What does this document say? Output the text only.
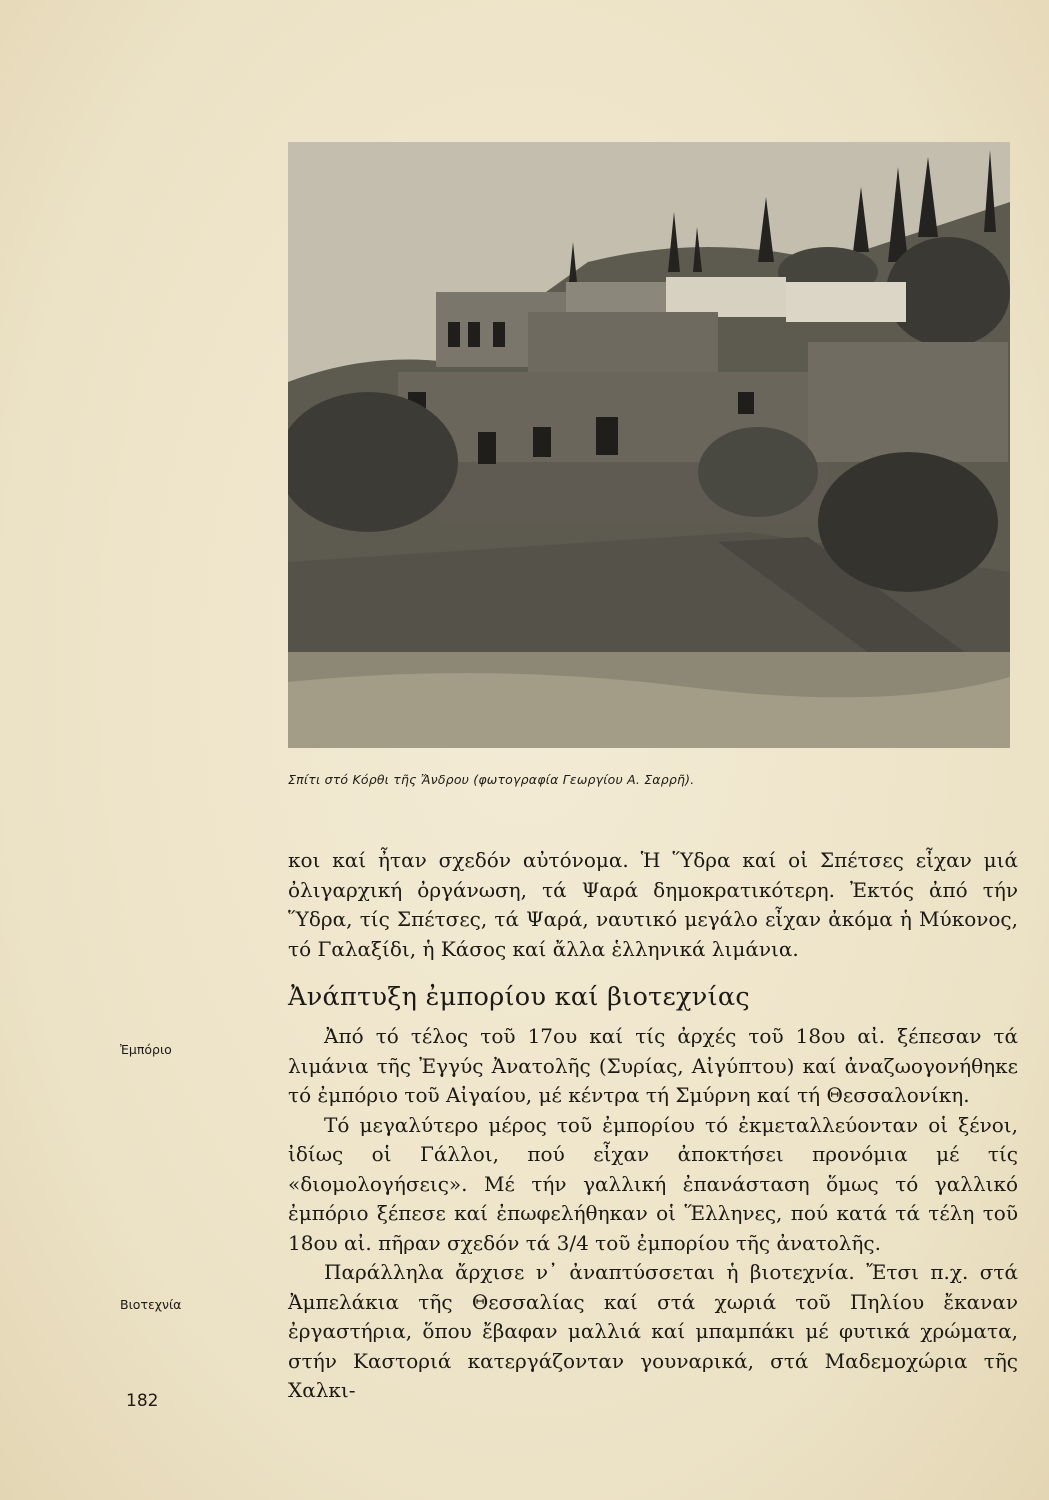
Σπίτι στό Κόρθι τῆς Ἄνδρου (φωτογραφία Γεωργίου Α. Σαρρῆ).

κοι καί ἦταν σχεδόν αὐτόνομα. Ἡ Ὕδρα καί οἱ Σπέτσες εἶχαν μιά ὀλιγαρχική ὀργάνωση, τά Ψαρά δημοκρατικότερη. Ἐκτός ἀπό τήν Ὕδρα, τίς Σπέτσες, τά Ψαρά, ναυτικό μεγάλο εἶχαν ἀκόμα ἡ Μύκονος, τό Γαλαξίδι, ἡ Κάσος καί ἄλλα ἑλληνικά λιμάνια.

Ἀνάπτυξη ἐμπορίου καί βιοτεχνίας

Ἀπό τό τέλος τοῦ 17ου καί τίς ἀρχές τοῦ 18ου αἰ. ξέπεσαν τά λιμάνια τῆς Ἐγγύς Ἀνατολῆς (Συρίας, Αἰγύπτου) καί ἀναζωογονήθηκε τό ἐμπόριο τοῦ Αἰγαίου, μέ κέντρα τή Σμύρνη καί τή Θεσσαλονίκη.

Τό μεγαλύτερο μέρος τοῦ ἐμπορίου τό ἐκμεταλλεύονταν οἱ ξένοι, ἰδίως οἱ Γάλλοι, πού εἶχαν ἀποκτήσει προνόμια μέ τίς «διομολογήσεις». Μέ τήν γαλλική ἐπανάσταση ὅμως τό γαλλικό ἐμπόριο ξέπεσε καί ἐπωφελήθηκαν οἱ Ἕλληνες, πού κατά τά τέλη τοῦ 18ου αἰ. πῆραν σχεδόν τά 3/4 τοῦ ἐμπορίου τῆς ἀνατολῆς.

Παράλληλα ἄρχισε ν᾽ ἀναπτύσσεται ἡ βιοτεχνία. Ἔτσι π.χ. στά Ἀμπελάκια τῆς Θεσσαλίας καί στά χωριά τοῦ Πηλίου ἔκαναν ἐργαστήρια, ὅπου ἔβαφαν μαλλιά καί μπαμπάκι μέ φυτικά χρώματα, στήν Καστοριά κατεργάζονταν γουναρικά, στά Μαδεμοχώρια τῆς Χαλκι-

Ἐμπόριο
Βιοτεχνία
182
